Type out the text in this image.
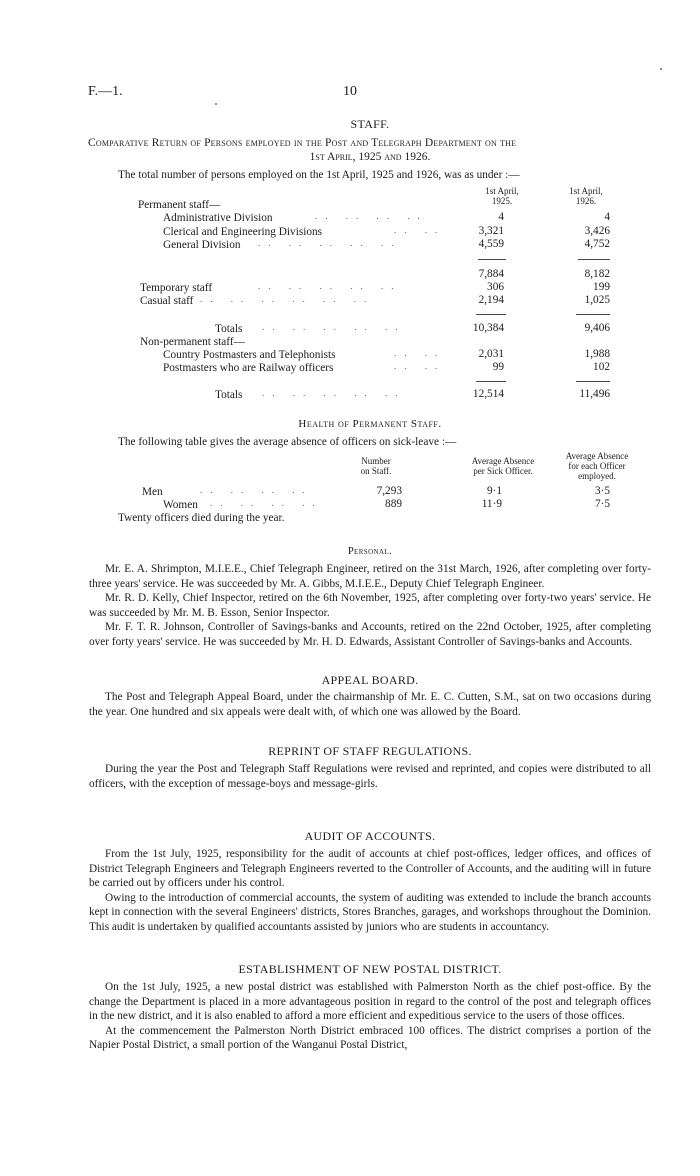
F.—1.	10
STAFF.
Comparative Return of Persons employed in the Post and Telegraph Department on the
1st April, 1925 and 1926.
The total number of persons employed on the 1st April, 1925 and 1926, was as under :—
1st April,
1925.
1st April,
1926.
Permanent staff—
Administrative Division	.. .. .. ..	4	4
Clerical and Engineering Divisions	.. ..	3,321	3,426
General Division .. .. .. .. ..	4,559	4,752
7,884	8,182
Temporary staff	.. .. .. .. ..	306	199
Casual staff .. .. .. .. .. ..	2,194	1,025
Totals .. .. .. .. ..	10,384	9,406
Non-permanent staff—
Country Postmasters and Telephonists	.. ..	2,031	1,988
Postmasters who are Railway officers	.. ..	99	102
Totals .. .. .. .. ..	12,514	11,496
Health of Permanent Staff.
The following table gives the average absence of officers on sick-leave :—
Number
on Staff.
Average Absence
per Sick Officer.
Average Absence
for each Officer
employed.
Men	.. .. .. ..	7,293	9·1	3·5
Women .. .. .. ..	889	11·9	7·5
Twenty officers died during the year.
Personal.

Mr. E. A. Shrimpton, M.I.E.E., Chief Telegraph Engineer, retired on the 31st March, 1926, after completing over forty-three years' service. He was succeeded by Mr. A. Gibbs, M.I.E.E., Deputy Chief Telegraph Engineer.

Mr. R. D. Kelly, Chief Inspector, retired on the 6th November, 1925, after completing over forty-two years' service. He was succeeded by Mr. M. B. Esson, Senior Inspector.

Mr. F. T. R. Johnson, Controller of Savings-banks and Accounts, retired on the 22nd October, 1925, after completing over forty years' service. He was succeeded by Mr. H. D. Edwards, Assistant Controller of Savings-banks and Accounts.

APPEAL BOARD.

The Post and Telegraph Appeal Board, under the chairmanship of Mr. E. C. Cutten, S.M., sat on two occasions during the year. One hundred and six appeals were dealt with, of which one was allowed by the Board.

REPRINT OF STAFF REGULATIONS.

During the year the Post and Telegraph Staff Regulations were revised and reprinted, and copies were distributed to all officers, with the exception of message-boys and message-girls.

AUDIT OF ACCOUNTS.

From the 1st July, 1925, responsibility for the audit of accounts at chief post-offices, ledger offices, and offices of District Telegraph Engineers and Telegraph Engineers reverted to the Controller of Accounts, and the auditing will in future be carried out by officers under his control.

Owing to the introduction of commercial accounts, the system of auditing was extended to include the branch accounts kept in connection with the several Engineers' districts, Stores Branches, garages, and workshops throughout the Dominion. This audit is undertaken by qualified accountants assisted by juniors who are students in accountancy.

ESTABLISHMENT OF NEW POSTAL DISTRICT.

On the 1st July, 1925, a new postal district was established with Palmerston North as the chief post-office. By the change the Department is placed in a more advantageous position in regard to the control of the post and telegraph offices in the new district, and it is also enabled to afford a more efficient and expeditious service to the users of those offices.

At the commencement the Palmerston North District embraced 100 offices. The district comprises a portion of the Napier Postal District, a small portion of the Wanganui Postal District,
